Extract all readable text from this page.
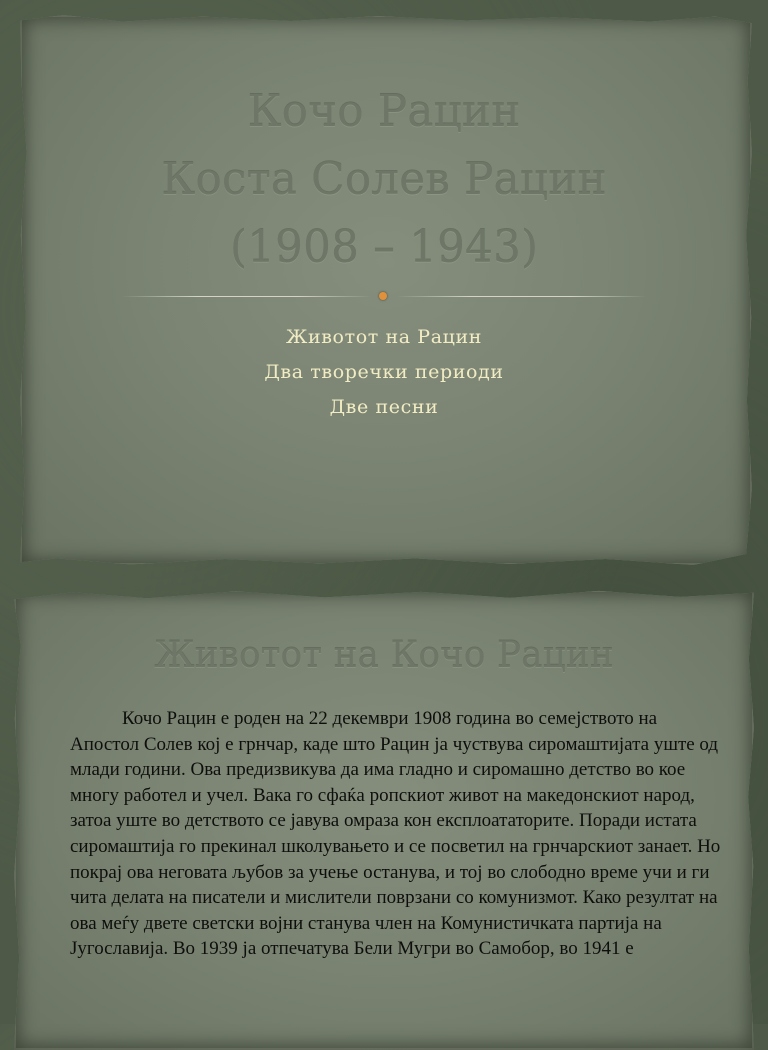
Кочо Рацин
Коста Солев Рацин
(1908 – 1943)
Животот на Рацин
Два творечки периоди
Две песни
Животот на Кочо Рацин

Кочо Рацин е роден на 22 декември 1908 година во семејството на Апостол Солев кој е грнчар, каде што Рацин ја чуствува сиромаштијата уште од млади години. Ова предизвикува да има гладно и сиромашно детство во кое многу работел и учел. Вака го сфаќа ропскиот живот на македонскиот народ, затоа уште во детството се јавува омраза кон експлоататорите. Поради истата сиромаштија го прекинал школувањето и се посветил на грнчарскиот занает. Но покрај ова неговата љубов за учење останува, и тој во слободно време учи и ги чита делата на писатели и мислители поврзани со комунизмот. Како резултат на ова меѓу двете светски војни станува член на Комунистичката партија на Југославија. Во 1939 ја отпечатува Бели Мугри во Самобор, во 1941 е
